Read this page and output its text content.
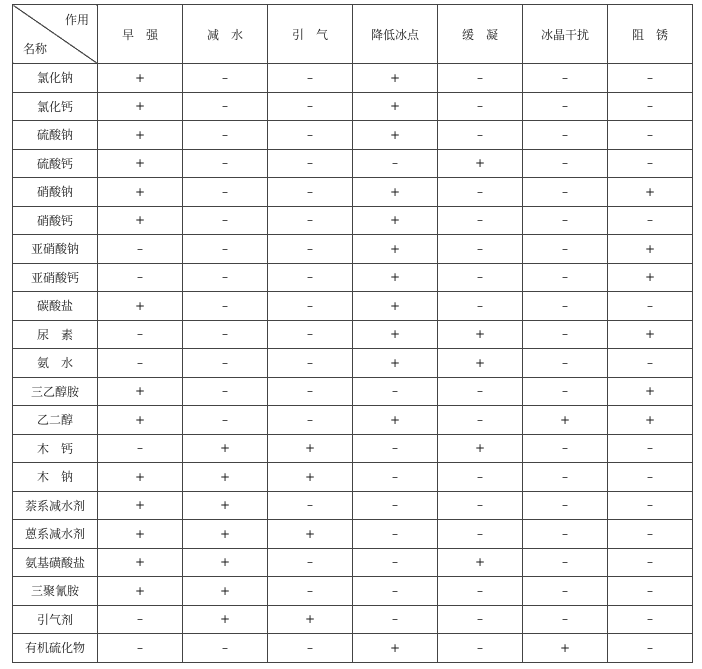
作用
名称	早　强	减　水	引　气	降低冰点	缓　凝	冰晶干扰	阻　锈
氯化钠	+	–	–	+	–	–	–
氯化钙	+	–	–	+	–	–	–
硫酸钠	+	–	–	+	–	–	–
硫酸钙	+	–	–	–	+	–	–
硝酸钠	+	–	–	+	–	–	+
硝酸钙	+	–	–	+	–	–	–
亚硝酸钠	–	–	–	+	–	–	+
亚硝酸钙	–	–	–	+	–	–	+
碳酸盐	+	–	–	+	–	–	–
尿　素	–	–	–	+	+	–	+
氨　水	–	–	–	+	+	–	–
三乙醇胺	+	–	–	–	–	–	+
乙二醇	+	–	–	+	–	+	+
木　钙	–	+	+	–	+	–	–
木　钠	+	+	+	–	–	–	–
萘系减水剂	+	+	–	–	–	–	–
蒽系减水剂	+	+	+	–	–	–	–
氨基磺酸盐	+	+	–	–	+	–	–
三聚氰胺	+	+	–	–	–	–	–
引气剂	–	+	+	–	–	–	–
有机硫化物	–	–	–	+	–	+	–
